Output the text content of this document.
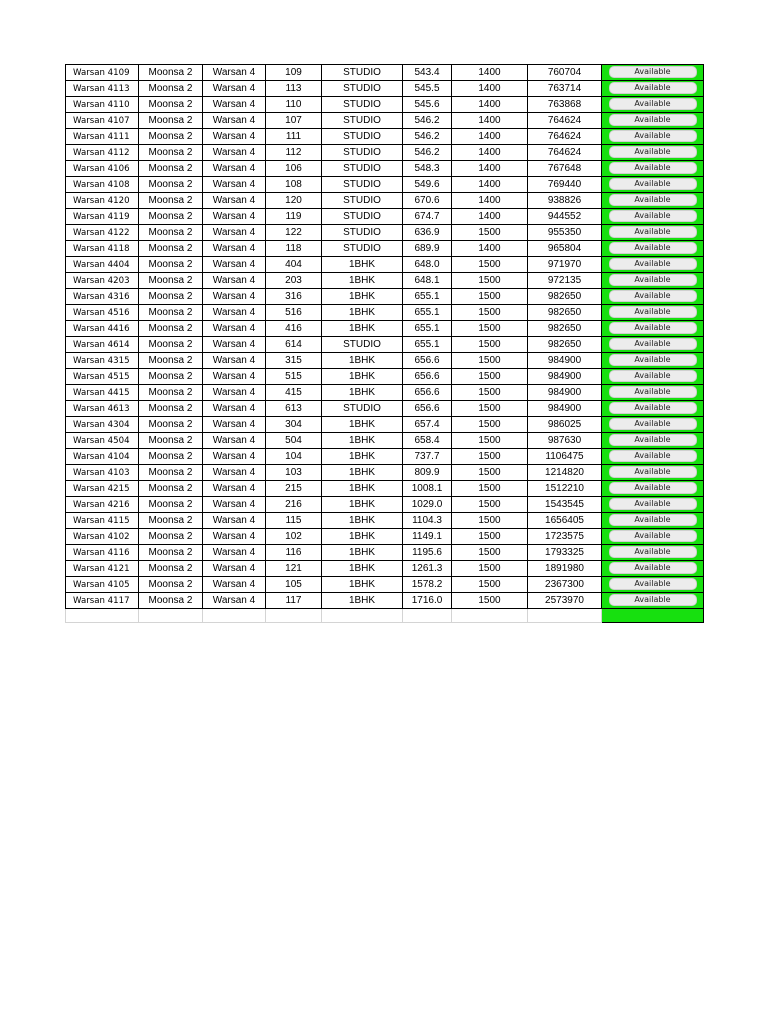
Warsan 4109	Moonsa 2	Warsan 4	109	STUDIO	543.4	1400	760704	Available

Warsan 4113	Moonsa 2	Warsan 4	113	STUDIO	545.5	1400	763714	Available

Warsan 4110	Moonsa 2	Warsan 4	110	STUDIO	545.6	1400	763868	Available

Warsan 4107	Moonsa 2	Warsan 4	107	STUDIO	546.2	1400	764624	Available

Warsan 4111	Moonsa 2	Warsan 4	111	STUDIO	546.2	1400	764624	Available

Warsan 4112	Moonsa 2	Warsan 4	112	STUDIO	546.2	1400	764624	Available

Warsan 4106	Moonsa 2	Warsan 4	106	STUDIO	548.3	1400	767648	Available

Warsan 4108	Moonsa 2	Warsan 4	108	STUDIO	549.6	1400	769440	Available

Warsan 4120	Moonsa 2	Warsan 4	120	STUDIO	670.6	1400	938826	Available

Warsan 4119	Moonsa 2	Warsan 4	119	STUDIO	674.7	1400	944552	Available

Warsan 4122	Moonsa 2	Warsan 4	122	STUDIO	636.9	1500	955350	Available

Warsan 4118	Moonsa 2	Warsan 4	118	STUDIO	689.9	1400	965804	Available

Warsan 4404	Moonsa 2	Warsan 4	404	1BHK	648.0	1500	971970	Available

Warsan 4203	Moonsa 2	Warsan 4	203	1BHK	648.1	1500	972135	Available

Warsan 4316	Moonsa 2	Warsan 4	316	1BHK	655.1	1500	982650	Available

Warsan 4516	Moonsa 2	Warsan 4	516	1BHK	655.1	1500	982650	Available

Warsan 4416	Moonsa 2	Warsan 4	416	1BHK	655.1	1500	982650	Available

Warsan 4614	Moonsa 2	Warsan 4	614	STUDIO	655.1	1500	982650	Available

Warsan 4315	Moonsa 2	Warsan 4	315	1BHK	656.6	1500	984900	Available

Warsan 4515	Moonsa 2	Warsan 4	515	1BHK	656.6	1500	984900	Available

Warsan 4415	Moonsa 2	Warsan 4	415	1BHK	656.6	1500	984900	Available

Warsan 4613	Moonsa 2	Warsan 4	613	STUDIO	656.6	1500	984900	Available

Warsan 4304	Moonsa 2	Warsan 4	304	1BHK	657.4	1500	986025	Available

Warsan 4504	Moonsa 2	Warsan 4	504	1BHK	658.4	1500	987630	Available

Warsan 4104	Moonsa 2	Warsan 4	104	1BHK	737.7	1500	1106475	Available

Warsan 4103	Moonsa 2	Warsan 4	103	1BHK	809.9	1500	1214820	Available

Warsan 4215	Moonsa 2	Warsan 4	215	1BHK	1008.1	1500	1512210	Available

Warsan 4216	Moonsa 2	Warsan 4	216	1BHK	1029.0	1500	1543545	Available

Warsan 4115	Moonsa 2	Warsan 4	115	1BHK	1104.3	1500	1656405	Available

Warsan 4102	Moonsa 2	Warsan 4	102	1BHK	1149.1	1500	1723575	Available

Warsan 4116	Moonsa 2	Warsan 4	116	1BHK	1195.6	1500	1793325	Available

Warsan 4121	Moonsa 2	Warsan 4	121	1BHK	1261.3	1500	1891980	Available

Warsan 4105	Moonsa 2	Warsan 4	105	1BHK	1578.2	1500	2367300	Available

Warsan 4117	Moonsa 2	Warsan 4	117	1BHK	1716.0	1500	2573970	Available
